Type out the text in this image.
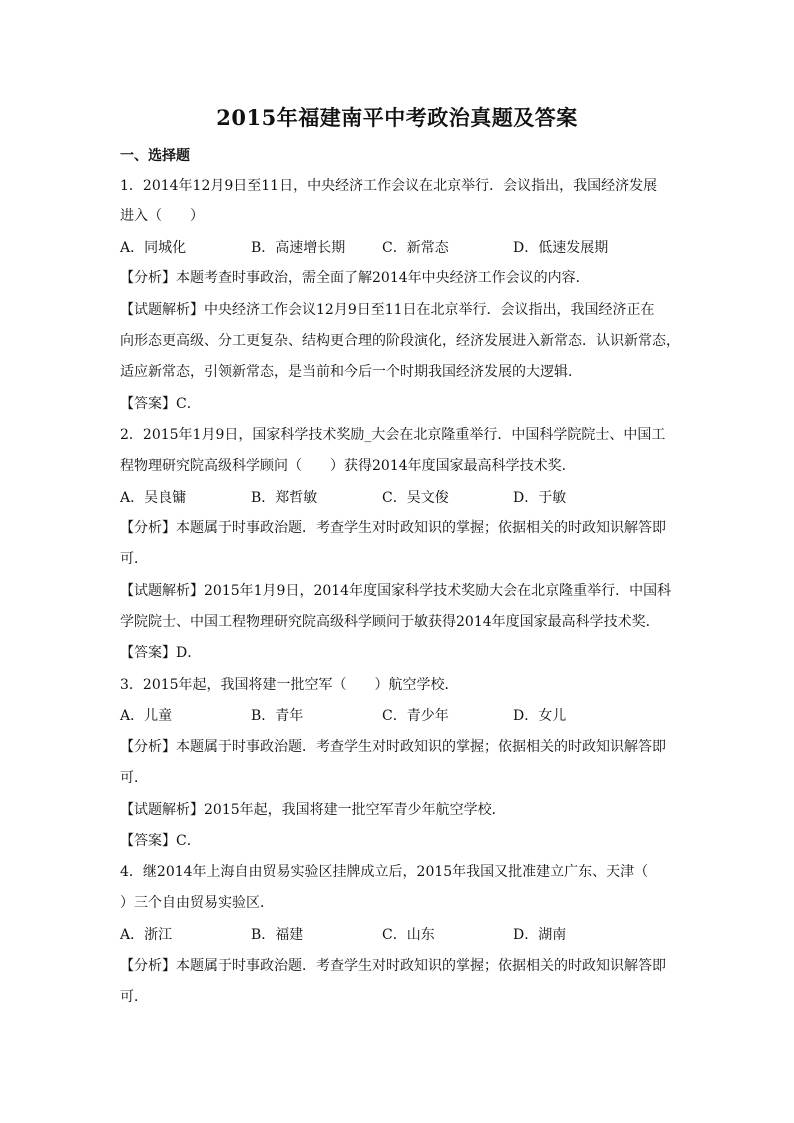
2015年福建南平中考政治真题及答案
一、选择题
1．2014年12月9日至11日，中央经济工作会议在北京举行．会议指出，我国经济发展
进入（　　）
A．同城化	B．高速增长期	C．新常态	D．低速发展期
【分析】本题考查时事政治，需全面了解2014年中央经济工作会议的内容．
【试题解析】中央经济工作会议12月9日至11日在北京举行．会议指出，我国经济正在
向形态更高级、分工更复杂、结构更合理的阶段演化，经济发展进入新常态．认识新常态，
适应新常态，引领新常态，是当前和今后一个时期我国经济发展的大逻辑．
【答案】C．
2．2015年1月9日，国家科学技术奖励_大会在北京隆重举行．中国科学院院士、中国工
程物理研究院高级科学顾问（　　）获得2014年度国家最高科学技术奖．
A．吴良镛	B．郑哲敏	C．吴文俊	D．于敏
【分析】本题属于时事政治题．考查学生对时政知识的掌握；依据相关的时政知识解答即
可．
【试题解析】2015年1月9日，2014年度国家科学技术奖励大会在北京隆重举行．中国科
学院院士、中国工程物理研究院高级科学顾问于敏获得2014年度国家最高科学技术奖．
【答案】D．
3．2015年起，我国将建一批空军（　　）航空学校．
A．儿童	B．青年	C．青少年	D．女儿
【分析】本题属于时事政治题．考查学生对时政知识的掌握；依据相关的时政知识解答即
可．
【试题解析】2015年起，我国将建一批空军青少年航空学校．
【答案】C．
4．继2014年上海自由贸易实验区挂牌成立后，2015年我国又批准建立广东、天津（
）三个自由贸易实验区．
A．浙江	B．福建	C．山东	D．湖南
【分析】本题属于时事政治题．考查学生对时政知识的掌握；依据相关的时政知识解答即
可．
